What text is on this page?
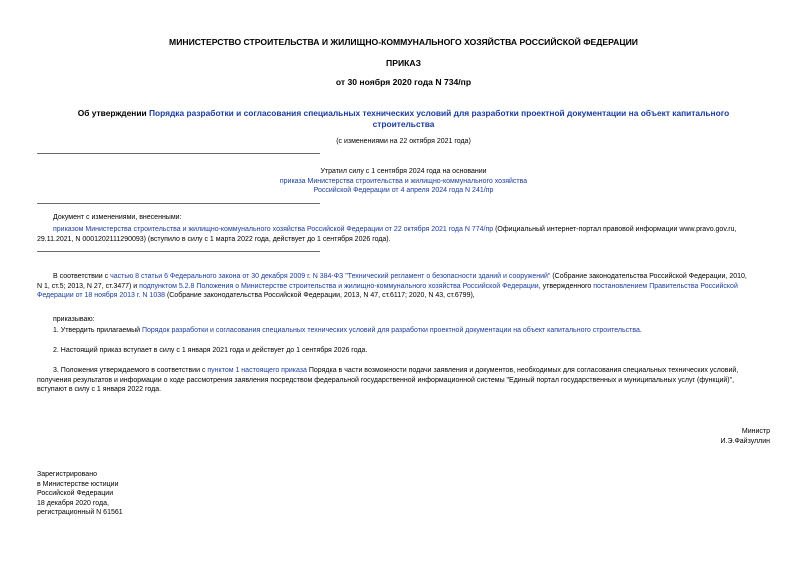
МИНИСТЕРСТВО СТРОИТЕЛЬСТВА И ЖИЛИЩНО-КОММУНАЛЬНОГО ХОЗЯЙСТВА РОССИЙСКОЙ ФЕДЕРАЦИИ
ПРИКАЗ
от 30 ноября 2020 года N 734/пр
Об утверждении Порядка разработки и согласования специальных технических условий для разработки проектной документации на объект капитального
строительства
(с изменениями на 22 октября 2021 года)
Утратил силу с 1 сентября 2024 года на основании
приказа Министерства строительства и жилищно-коммунального хозяйства
Российской Федерации от 4 апреля 2024 года N 241/пр
Документ с изменениями, внесенными:
приказом Министерства строительства и жилищно-коммунального хозяйства Российской Федерации от 22 октября 2021 года N 774/пр (Официальный интернет-портал правовой информации www.pravo.gov.ru,
29.11.2021, N 0001202111290093) (вступило в силу с 1 марта 2022 года, действует до 1 сентября 2026 года).
В соответствии с частью 8 статьи 6 Федерального закона от 30 декабря 2009 г. N 384-ФЗ "Технический регламент о безопасности зданий и сооружений" (Собрание законодательства Российской Федерации, 2010,
N 1, ст.5; 2013, N 27, ст.3477) и подпунктом 5.2.8 Положения о Министерстве строительства и жилищно-коммунального хозяйства Российской Федерации, утвержденного постановлением Правительства Российской
Федерации от 18 ноября 2013 г. N 1038 (Собрание законодательства Российской Федерации, 2013, N 47, ст.6117; 2020, N 43, ст.6799),
приказываю:
1. Утвердить прилагаемый Порядок разработки и согласования специальных технических условий для разработки проектной документации на объект капитального строительства.
2. Настоящий приказ вступает в силу с 1 января 2021 года и действует до 1 сентября 2026 года.
3. Положения утверждаемого в соответствии с пунктом 1 настоящего приказа Порядка в части возможности подачи заявления и документов, необходимых для согласования специальных технических условий,
получения результатов и информации о ходе рассмотрения заявления посредством федеральной государственной информационной системы "Единый портал государственных и муниципальных услуг (функций)",
вступают в силу с 1 января 2022 года.
Министр
И.Э.Файзуллин
Зарегистрировано
в Министерстве юстиции
Российской Федерации
18 декабря 2020 года,
регистрационный N 61561
